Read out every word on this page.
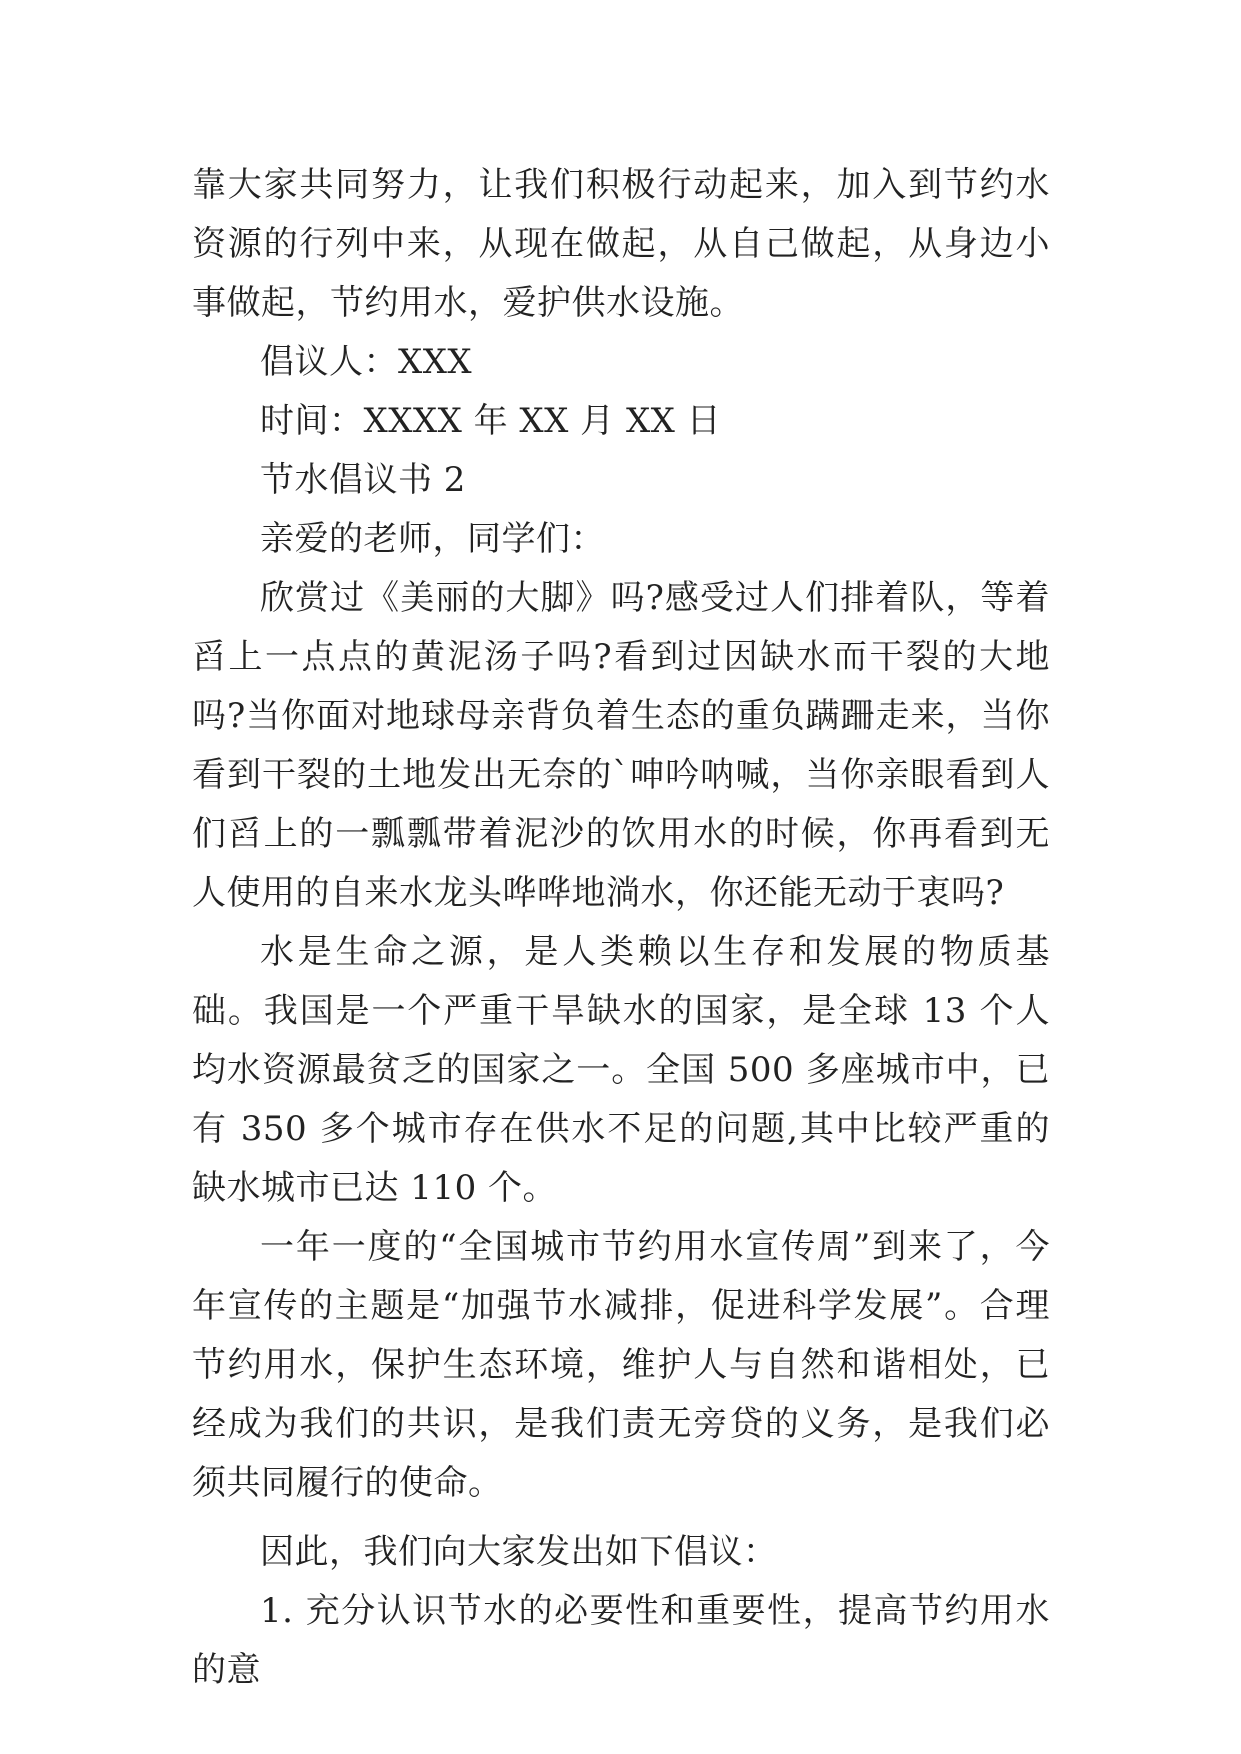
靠大家共同努力，让我们积极行动起来，加入到节约水资源的行列中来，从现在做起，从自己做起，从身边小事做起，节约用水，爱护供水设施。

倡议人：XXX

时间：XXXX 年 XX 月 XX 日

节水倡议书 2

亲爱的老师，同学们：

欣赏过《美丽的大脚》吗?感受过人们排着队，等着舀上一点点的黄泥汤子吗?看到过因缺水而干裂的大地吗?当你面对地球母亲背负着生态的重负蹒跚走来，当你看到干裂的土地发出无奈的`呻吟呐喊，当你亲眼看到人们舀上的一瓢瓢带着泥沙的饮用水的时候，你再看到无人使用的自来水龙头哗哗地淌水，你还能无动于衷吗?

水是生命之源，是人类赖以生存和发展的物质基础。我国是一个严重干旱缺水的国家，是全球 13 个人均水资源最贫乏的国家之一。全国 500 多座城市中，已有 350 多个城市存在供水不足的问题,其中比较严重的缺水城市已达 110 个。

一年一度的“全国城市节约用水宣传周”到来了，今年宣传的主题是“加强节水减排，促进科学发展”。合理节约用水，保护生态环境，维护人与自然和谐相处，已经成为我们的共识，是我们责无旁贷的义务，是我们必须共同履行的使命。

因此，我们向大家发出如下倡议：

1. 充分认识节水的必要性和重要性，提高节约用水的意
